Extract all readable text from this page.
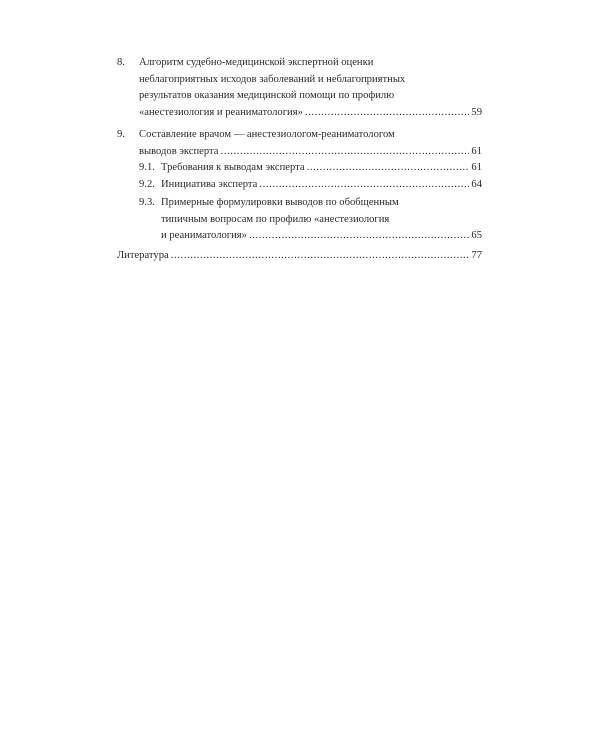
8. Алгоритм судебно-медицинской экспертной оценки
неблагоприятных исходов заболеваний и неблагоприятных
результатов оказания медицинской помощи по профилю
«анестезиология и реаниматология» .....	59
9. Составление врачом — анестезиологом-реаниматологом
выводов эксперта .....	61
9.1. Требования к выводам эксперта .....	61
9.2. Инициатива эксперта .....	64
9.3. Примерные формулировки выводов по обобщенным
типичным вопросам по профилю «анестезиология
и реаниматология» .....	65
Литература .....	77
